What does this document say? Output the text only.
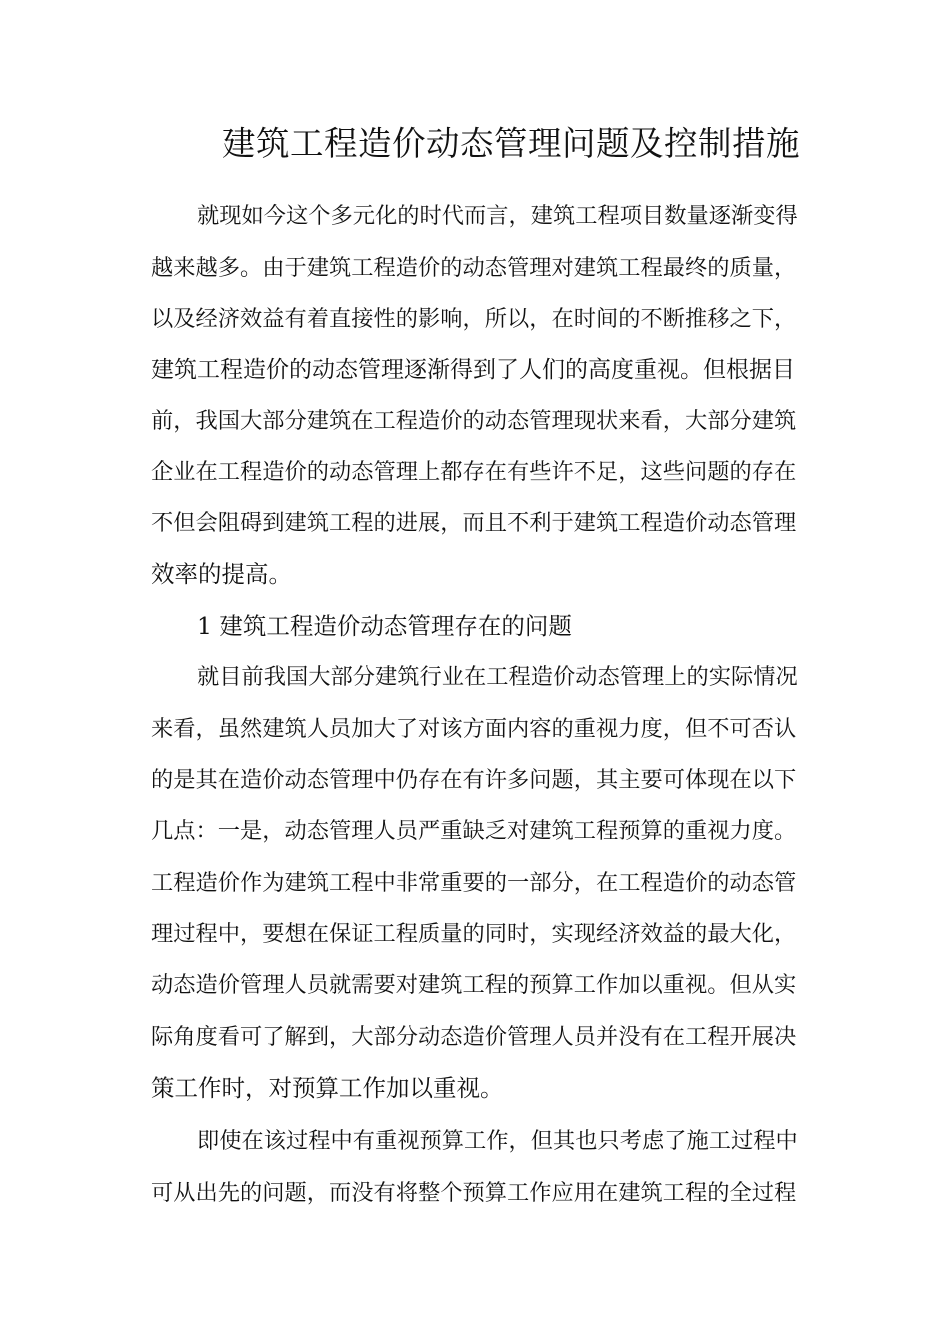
建筑工程造价动态管理问题及控制措施
就现如今这个多元化的时代而言，建筑工程项目数量逐渐变得
越来越多。由于建筑工程造价的动态管理对建筑工程最终的质量，
以及经济效益有着直接性的影响，所以，在时间的不断推移之下，
建筑工程造价的动态管理逐渐得到了人们的高度重视。但根据目
前，我国大部分建筑在工程造价的动态管理现状来看，大部分建筑
企业在工程造价的动态管理上都存在有些许不足，这些问题的存在
不但会阻碍到建筑工程的进展，而且不利于建筑工程造价动态管理
效率的提高。
1 建筑工程造价动态管理存在的问题
就目前我国大部分建筑行业在工程造价动态管理上的实际情况
来看，虽然建筑人员加大了对该方面内容的重视力度，但不可否认
的是其在造价动态管理中仍存在有许多问题，其主要可体现在以下
几点：一是，动态管理人员严重缺乏对建筑工程预算的重视力度。
工程造价作为建筑工程中非常重要的一部分，在工程造价的动态管
理过程中，要想在保证工程质量的同时，实现经济效益的最大化，
动态造价管理人员就需要对建筑工程的预算工作加以重视。但从实
际角度看可了解到，大部分动态造价管理人员并没有在工程开展决
策工作时，对预算工作加以重视。
即使在该过程中有重视预算工作，但其也只考虑了施工过程中
可从出先的问题，而没有将整个预算工作应用在建筑工程的全过程
